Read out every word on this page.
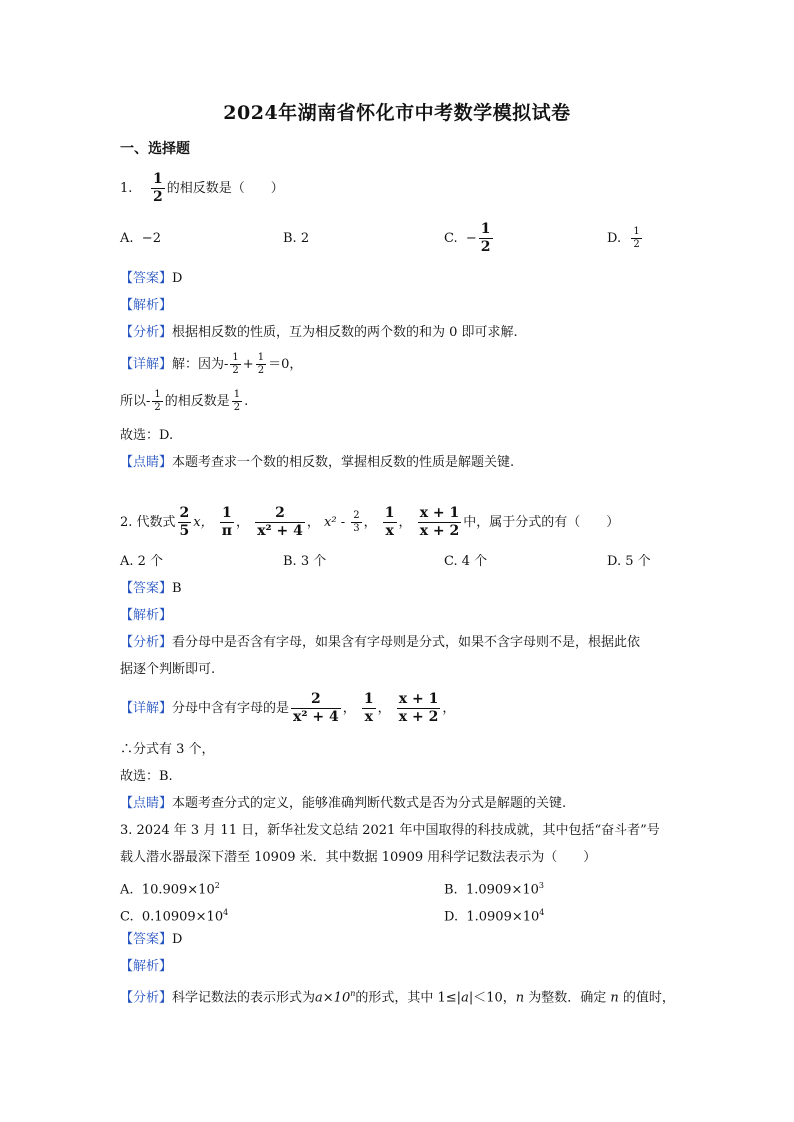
2024年湖南省怀化市中考数学模拟试卷
一、选择题
1. $\frac{1}{2}$ 的相反数是（　　）
A. −2	B. 2	C. − $\frac{1}{2}$	D. $\frac{1}{2}$
【答案】D
【解析】
【分析】根据相反数的性质，互为相反数的两个数的和为 0 即可求解.
【详解】解：因为- $\frac{1}{2} + \frac{1}{2} =0$，
所以- $\frac{1}{2}$ 的相反数是 $\frac{1}{2}$ .
故选：D.
【点睛】本题考查求一个数的相反数，掌握相反数的性质是解题关键.
2. 代数式 $\frac{2}{5}$ x， $\frac{1}{\pi}$ ， $\frac{2}{\text{x² + 4}}$ ， $x^2 - \frac{2}{3}$ ， $\frac{1}{x}$ ， $\frac{x + 1}{x + 2}$ 中，属于分式的有（　　）
A. 2 个	B. 3 个	C. 4 个	D. 5 个
【答案】B
【解析】
【分析】看分母中是否含有字母，如果含有字母则是分式，如果不含字母则不是，根据此依
据逐个判断即可.
【详解】分母中含有字母的是 $\frac{2}{\text{x² + 4}}$ ， $\frac{1}{x}$ ， $\frac{x + 1}{x + 2}$ ，
∴分式有 3 个，
故选：B.
【点睛】本题考查分式的定义，能够准确判断代数式是否为分式是解题的关键.
3. 2024 年 3 月 11 日，新华社发文总结 2021 年中国取得的科技成就，其中包括“奋斗者”号
载人潜水器最深下潜至 10909 米．其中数据 10909 用科学记数法表示为（　　）
A. $10.909\times 10^2$	B. $1.0909\times 10^3$
C. $0.10909\times 10^4$	D. $1.0909\times 10^4$
【答案】D
【解析】
【分析】科学记数法的表示形式为$a\times 10^n$的形式，其中 1≤|a|＜10，n 为整数．确定 n 的值时，
